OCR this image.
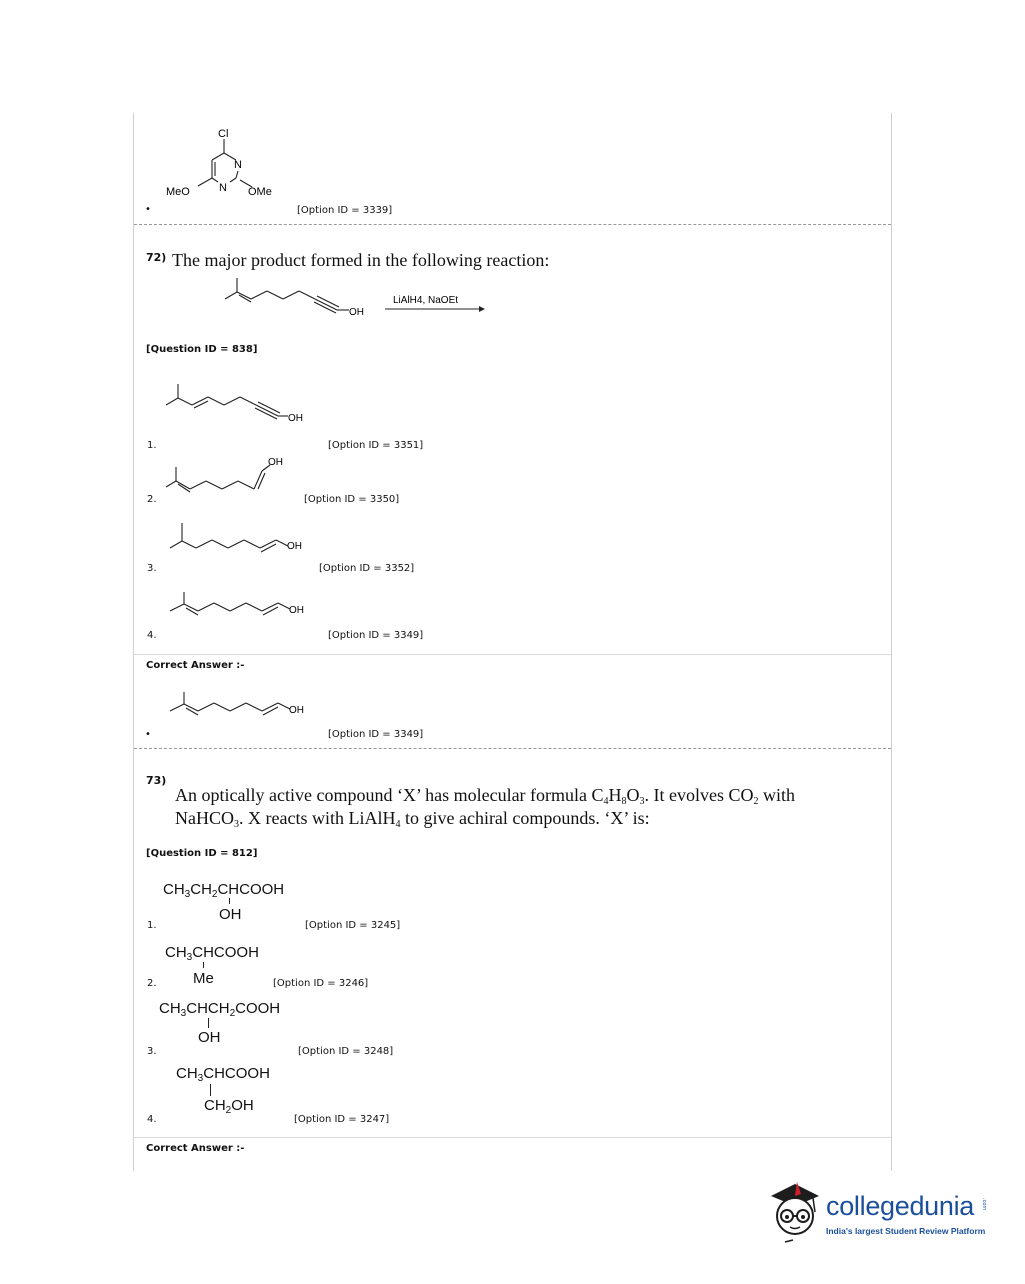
Cl
N
N
MeO	OMe
•	[Option ID = 3339]
72) The major product formed in the following reaction:
OH
LiAlH4, NaOEt
[Question ID = 838]
OH
1.	[Option ID = 3351]
OH
2.	[Option ID = 3350]
OH
3.	[Option ID = 3352]
OH
4.	[Option ID = 3349]
Correct Answer :-
OH
•	[Option ID = 3349]
73)
An optically active compound ‘X’ has molecular formula $C_4H_8O_3$. It evolves $CO_2$ with
NaHCO$_3$. X reacts with LiAlH$_4$ to give achiral compounds. ‘X’ is:
[Question ID = 812]
$CH_3CH_2CHCOOH$
OH
1.	[Option ID = 3245]
$CH_3CHCOOH$
Me
2.	[Option ID = 3246]
$CH_3CHCH_2COOH$
OH
3.	[Option ID = 3248]
$CH_3CHCOOH$
$CH_2OH$
4.	[Option ID = 3247]
Correct Answer :-
collegedunia .com
India's largest Student Review Platform
